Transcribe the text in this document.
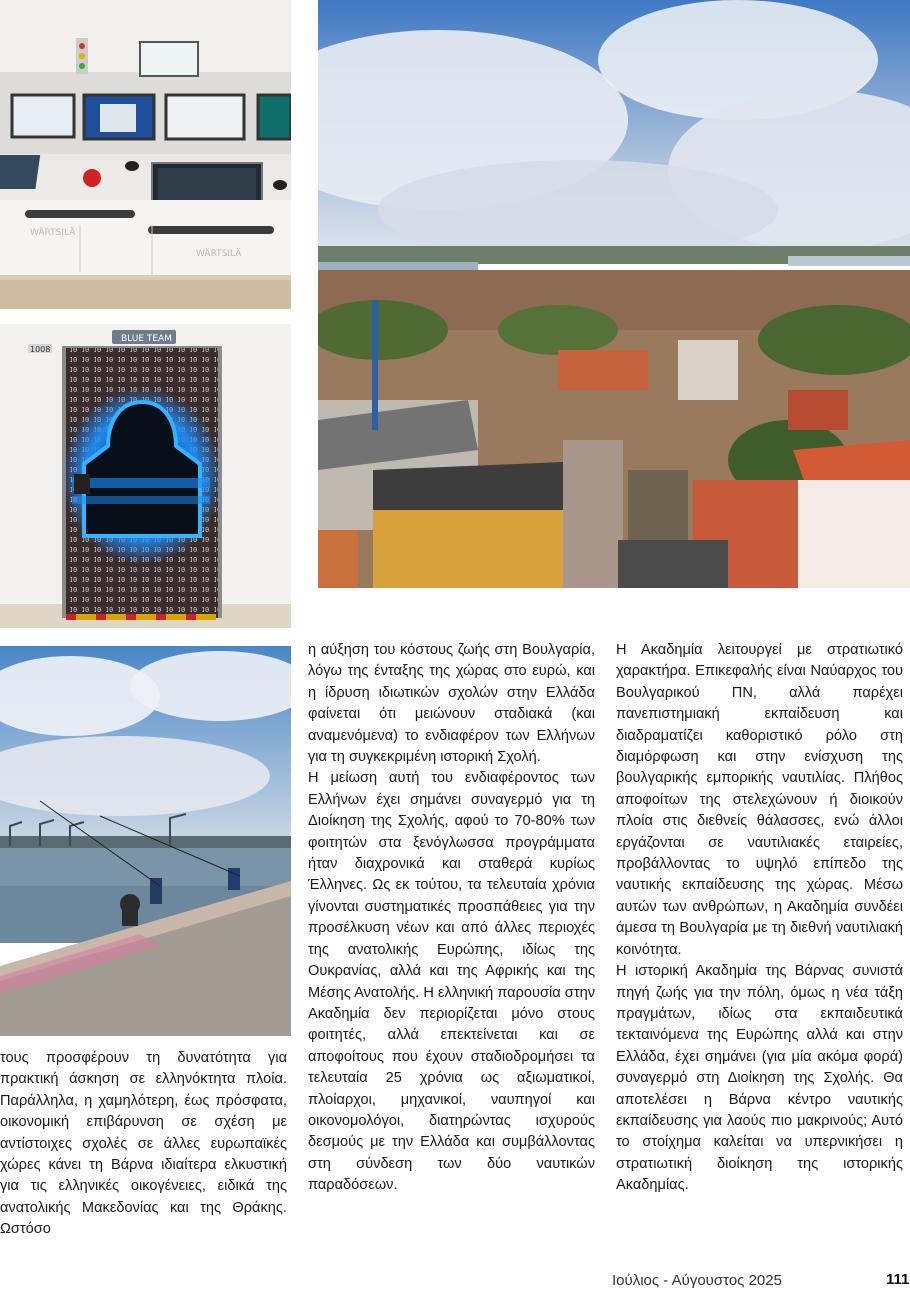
WÄRTSILÄ
WÄRTSILÄ
BLUE TEAM
1008

τους προσφέρουν τη δυνατότητα για πρακτική άσκηση σε ελληνόκτητα πλοία. Παράλληλα, η χαμηλότερη, έως πρόσφατα, οικονομική επιβάρυνση σε σχέση με αντίστοιχες σχολές σε άλλες ευρωπαϊκές χώρες κάνει τη Βάρνα ιδιαίτερα ελκυστική για τις ελληνικές οικογένειες, ειδικά της ανατολικής Μακεδονίας και της Θράκης. Ωστόσο

η αύξηση του κόστους ζωής στη Βουλγαρία, λόγω της ένταξης της χώρας στο ευρώ, και η ίδρυση ιδιωτικών σχολών στην Ελλάδα φαίνεται ότι μειώνουν σταδιακά (και αναμενόμενα) το ενδιαφέρον των Ελλήνων για τη συγκεκριμένη ιστορική Σχολή.

Η μείωση αυτή του ενδιαφέροντος των Ελλήνων έχει σημάνει συναγερμό για τη Διοίκηση της Σχολής, αφού το 70-80% των φοιτητών στα ξενόγλωσσα προγράμματα ήταν διαχρονικά και σταθερά κυρίως Έλληνες. Ως εκ τούτου, τα τελευταία χρόνια γίνονται συστηματικές προσπάθειες για την προσέλκυση νέων και από άλλες περιοχές της ανατολικής Ευρώπης, ιδίως της Ουκρανίας, αλλά και της Αφρικής και της Μέσης Ανατολής. Η ελληνική παρουσία στην Ακαδημία δεν περιορίζεται μόνο στους φοιτητές, αλλά επεκτείνεται και σε αποφοίτους που έχουν σταδιοδρομήσει τα τελευταία 25 χρόνια ως αξιωματικοί, πλοίαρχοι, μηχανικοί, ναυπηγοί και οικονομολόγοι, διατηρώντας ισχυρούς δεσμούς με την Ελλάδα και συμβάλλοντας στη σύνδεση των δύο ναυτικών παραδόσεων.

Η Ακαδημία λειτουργεί με στρατιωτικό χαρακτήρα. Επικεφαλής είναι Ναύαρχος του Βουλγαρικού ΠΝ, αλλά παρέχει πανεπιστημιακή εκπαίδευση και διαδραματίζει καθοριστικό ρόλο στη διαμόρφωση και στην ενίσχυση της βουλγαρικής εμπορικής ναυτιλίας. Πλήθος αποφοίτων της στελεχώνουν ή διοικούν πλοία στις διεθνείς θάλασσες, ενώ άλλοι εργάζονται σε ναυτιλιακές εταιρείες, προβάλλοντας το υψηλό επίπεδο της ναυτικής εκπαίδευσης της χώρας. Μέσω αυτών των ανθρώπων, η Ακαδημία συνδέει άμεσα τη Βουλγαρία με τη διεθνή ναυτιλιακή κοινότητα.

Η ιστορική Ακαδημία της Βάρνας συνιστά πηγή ζωής για την πόλη, όμως η νέα τάξη πραγμάτων, ιδίως στα εκπαιδευτικά τεκταινόμενα της Ευρώπης αλλά και στην Ελλάδα, έχει σημάνει (για μία ακόμα φορά) συναγερμό στη Διοίκηση της Σχολής. Θα αποτελέσει η Βάρνα κέντρο ναυτικής εκπαίδευσης για λαούς πιο μακρινούς; Αυτό το στοίχημα καλείται να υπερνικήσει η στρατιωτική διοίκηση της ιστορικής Ακαδημίας.

Ιούλιος - Αύγουστος 2025	111
